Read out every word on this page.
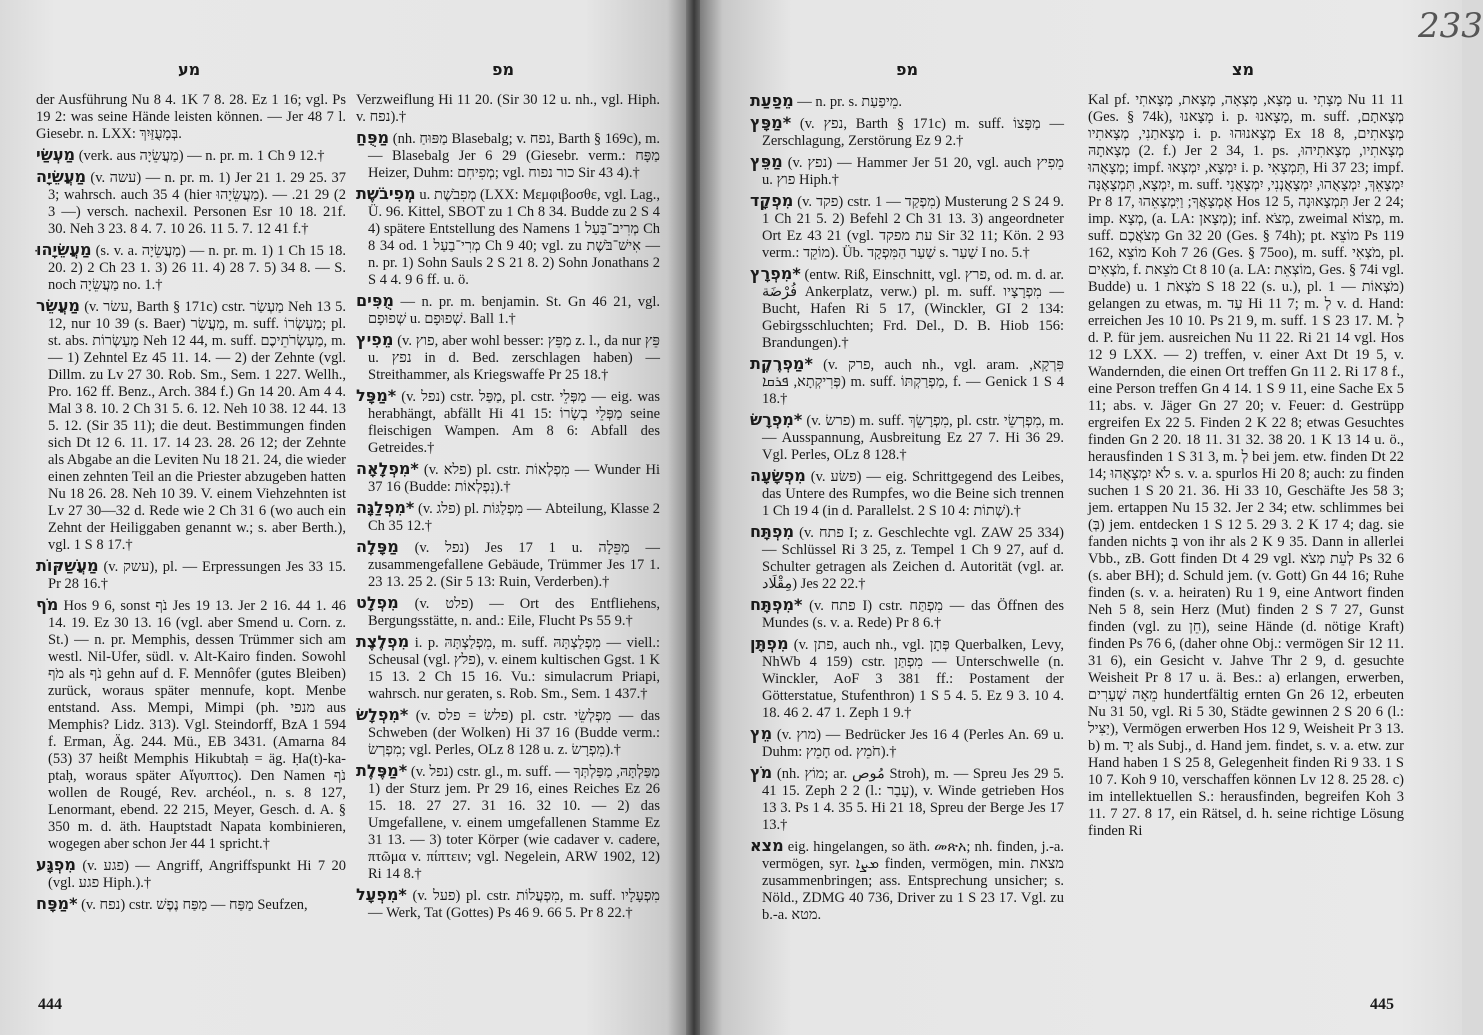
מע	מפ

der Ausführung Nu 8 4. 1K 7 8. 28. Ez 1 16; vgl. Ps 19 2: was seine Hände leisten können. — Jer 48 7 l. Giesebr. n. LXX: בְּמָעֻזַּיִךְ.

מַעְשַׂי (verk. aus מַעֲשֵׂיָה) — n. pr. m. 1 Ch 9 12.†

מַעֲשֵׂיָה (v. עשה) — n. pr. m. 1) Jer 21 1. 29 25. 37 3; wahrsch. auch 35 4 (hier מַעֲשֵׂיָהוּ). — 2) 29 21. — 3) versch. nachexil. Personen Esr 10 18. 21f. 30. Neh 3 23. 8 4. 7. 10 26. 11 5. 7. 12 41 f.†

מַעֲשֵׂיָהוּ (s. v. a. מַעֲשֵׂיָה) — n. pr. m. 1) 1 Ch 15 18. 20. 2) 2 Ch 23 1. 3) 26 11. 4) 28 7. 5) 34 8. — S. noch מַעֲשֵׂיָה no. 1.†

מַעֲשֵׂר (v. עשׂר, Barth § 171c) cstr. מַעְשַׂר Neh 13 5. 12, nur 10 39 (s. Baer) מַעֲשַׂר, m. suff. מַעְשְׂרוֹ; pl. st. abs. מַעַשְׂרוֹת Neh 12 44, m. suff. מַעְשְׂרֹתֵיכֶם, m. — 1) Zehntel Ez 45 11. 14. — 2) der Zehnte (vgl. Dillm. zu Lv 27 30. Rob. Sm., Sem. 1 227. Wellh., Pro. 162 ff. Benz., Arch. 384 f.) Gn 14 20. Am 4 4. Mal 3 8. 10. 2 Ch 31 5. 6. 12. Neh 10 38. 12 44. 13 5. 12. (Sir 35 11); die deut. Bestimmungen finden sich Dt 12 6. 11. 17. 14 23. 28. 26 12; der Zehnte als Abgabe an die Leviten Nu 18 21. 24, die wieder einen zehnten Teil an die Priester abzugeben hatten Nu 18 26. 28. Neh 10 39. V. einem Viehzehnten ist Lv 27 30—32 d. Rede wie 2 Ch 31 6 (wo auch ein Zehnt der Heiliggaben genannt w.; s. aber Berth.), vgl. 1 S 8 17.†

מַעֲשַׁקּוֹת (v. עשק), pl. — Erpressungen Jes 33 15. Pr 28 16.†

מֹף Hos 9 6, sonst נֹף Jes 19 13. Jer 2 16. 44 1. 46 14. 19. Ez 30 13. 16 (vgl. aber Smend u. Corn. z. St.) — n. pr. Memphis, dessen Trümmer sich am westl. Nil-Ufer, südl. v. Alt-Kairo finden. Sowohl מֹף als נֹף gehn auf d. F. Mennôfer (gutes Bleiben) zurück, woraus später mennufe, kopt. Menbe entstand. Ass. Mempi, Mimpi (ph. מנפי aus Memphis? Lidz. 313). Vgl. Steindorff, BzA 1 594 f. Erman, Äg. 244. Mü., EB 3431. (Amarna 84 (53) 37 heißt Memphis Hikubtaḥ = äg. Ḥa(t)-ka-ptaḥ, woraus später Αἴγυπτος). Den Namen נֹף wollen de Rougé, Rev. archéol., n. s. 8 127, Lenormant, ebend. 22 215, Meyer, Gesch. d. A. § 350 m. d. äth. Hauptstadt Napata kombinieren, wogegen aber schon Jer 44 1 spricht.†

מִפְגָּע (v. פגע) — Angriff, Angriffspunkt Hi 7 20 (vgl. פגע Hiph.).†

מַפָּח* (v. נפח) cstr. מַפַּח — מַפַּח נֶפֶשׁ Seufzen,

Verzweiflung Hi 11 20. (Sir 30 12 u. nh., vgl. Hiph. v. נפח).†

מַפֻּחַ (nh. מַפּוּחַ Blasebalg; v. נפח, Barth § 169c), m. — Blasebalg Jer 6 29 (Giesebr. verm.: מַפָּח Heizer, Duhm: מְפִיחִם; vgl. כור נפוח Sir 43 4).†

מְפִיבֹשֶׁת u. מְפִבֹשֶׁת (LXX: Μεμφιβοσθε, vgl. Lag., Ü. 96. Kittel, SBOT zu 1 Ch 8 34. Budde zu 2 S 4 4) spätere Entstellung des Namens מְרִיב־בַּעַל 1 Ch 8 34 od. מְרִי־בַעַל 1 Ch 9 40; vgl. zu אִישׁ־בֹּשֶׁת — n. pr. 1) Sohn Sauls 2 S 21 8. 2) Sohn Jonathans 2 S 4 4. 9 6 ff. u. ö.

מֻפִּים — n. pr. m. benjamin. St. Gn 46 21, vgl. שְׁפוּפָם u. שְׁפוּפָם. Ball 1.†

מֵפִיץ (v. פוץ, aber wohl besser: מַפֵּץ z. l., da nur פֵּץ u. נפץ in d. Bed. zerschlagen haben) — Streithammer, als Kriegswaffe Pr 25 18.†

מַפָּל* (v. נפל) cstr. מַפַּל, pl. cstr. מַפְּלֵי — eig. was herabhängt, abfällt Hi 41 15: מַפְּלֵי בְשָׂרוֹ seine fleischigen Wampen. Am 8 6: Abfall des Getreides.†

מִפְלָאָה* (v. פלא) pl. cstr. מִפְלְאוֹת — Wunder Hi 37 16 (Budde: נִפְלְאוֹת).†

מִפְלַגָּה* (v. פלג) pl. מִפְלַגּוֹת — Abteilung, Klasse 2 Ch 35 12.†

מַפָּלָה (v. נפל) Jes 17 1 u. מַפֵּלָה — zusammengefallene Gebäude, Trümmer Jes 17 1. 23 13. 25 2. (Sir 5 13: Ruin, Verderben).†

מִפְלָט (v. פלט) — Ort des Entfliehens, Bergungsstätte, n. and.: Eile, Flucht Ps 55 9.†

מִפְלֶצֶת i. p. מִפְלַצְתָּהּ, m. suff. מִפְלַצְתָּהּ — viell.: Scheusal (vgl. פלץ), v. einem kultischen Ggst. 1 K 15 13. 2 Ch 15 16. Vu.: simulacrum Priapi, wahrsch. nur geraten, s. Rob. Sm., Sem. 1 437.†

מִפְלָשׂ* (v. פלשׂ = פלס) pl. cstr. מִפְלְשֵׂי — das Schweben (der Wolken) Hi 37 16 (Budde verm.: מִפְרְשׂ; vgl. Perles, OLz 8 128 u. z. מִפְרָשׂ).†

מַפֶּלֶת* (v. נפל) cstr. gl., m. suff. מַפַּלְתָּהּ, מַפַּלְתְּךָ — 1) der Sturz jem. Pr 29 16, eines Reiches Ez 26 15. 18. 27 27. 31 16. 32 10. — 2) das Umgefallene, v. einem umgefallenen Stamme Ez 31 13. — 3) toter Körper (wie cadaver v. cadere, πτῶμα v. πίπτειν; vgl. Negelein, ARW 1902, 12) Ri 14 8.†

מִפְעָל* (v. פעל) pl. cstr. מִפְעֲלוֹת, m. suff. מִפְעָלָיו — Werk, Tat (Gottes) Ps 46 9. 66 5. Pr 8 22.†

444
מפ	מצ
445

מֵפַעַת — n. pr. s. מֵיפַעַת.

מַפָּץ* (v. נפץ, Barth § 171c) m. suff. מַפָּצוֹ — Zerschlagung, Zerstörung Ez 9 2.†

מַפֵּץ (v. נפץ) — Hammer Jer 51 20, vgl. auch מֵפִיץ u. פוץ Hiph.†

מִפְקָד (v. פקד) cstr. מִפְקַד — 1) Musterung 2 S 24 9. 1 Ch 21 5. 2) Befehl 2 Ch 31 13. 3) angeordneter Ort Ez 43 21 (vgl. עת מפקד Sir 32 11; Kön. 2 93 verm.: מוֹקֵד). Üb. שַׁעַר הַמִּפְקָד s. שַׁעַר I no. 5.†

מִפְרָץ* (entw. Riß, Einschnitt, vgl. פרץ, od. m. d. ar. فُرْضَة Ankerplatz, verw.) pl. m. suff. מִפְרָצָיו — Bucht, Hafen Ri 5 17, (Winckler, GI 2 134: Gebirgsschluchten; Frd. Del., D. B. Hiob 156: Brandungen).†

מַפְרֶקֶת* (v. פרק, auch nh., vgl. aram. פִּרְקָא, פְּרִיקְתָא, ܦܪܩܐ) m. suff. מַפְרַקְתּוֹ, f. — Genick 1 S 4 18.†

מִפְרָשׂ* (v. פרשׂ) m. suff. מִפְרָשֵׂךְ, pl. cstr. מִפְרְשֵׂי, m. — Ausspannung, Ausbreitung Ez 27 7. Hi 36 29. Vgl. Perles, OLz 8 128.†

מִפְשָׂעָה (v. פשׂע) — eig. Schrittgegend des Leibes, das Untere des Rumpfes, wo die Beine sich trennen 1 Ch 19 4 (in d. Parallelst. 2 S 10 4: שְׁתוֹת).†

מִפְתָּח (v. פתח I; z. Geschlechte vgl. ZAW 25 334) — Schlüssel Ri 3 25, z. Tempel 1 Ch 9 27, auf d. Schulter getragen als Zeichen d. Autorität (vgl. ar. مِقْلَاد) Jes 22 22.†

מִפְתָּח* (v. פתח I) cstr. מִפְתַּח — das Öffnen des Mundes (s. v. a. Rede) Pr 8 6.†

מִפְתָּן (v. פתן, auch nh., vgl. פְּתָן Querbalken, Levy, NhWb 4 159) cstr. מִפְתַּן — Unterschwelle (n. Winckler, AoF 3 381 ff.: Postament der Götterstatue, Stufenthron) 1 S 5 4. 5. Ez 9 3. 10 4. 18. 46 2. 47 1. Zeph 1 9.†

מֵץ (v. מוץ) — Bedrücker Jes 16 4 (Perles An. 69 u. Duhm: חָמֵץ od. חֹמֵץ).†

מֹץ (nh. מוֹץ; ar. مُوص Stroh), m. — Spreu Jes 29 5. 41 15. Zeph 2 2 (l.: עָבַר), v. Winde getrieben Hos 13 3. Ps 1 4. 35 5. Hi 21 18, Spreu der Berge Jes 17 13.†

מצא eig. hingelangen, so äth. መጽአ; nh. finden, j.-a. vermögen, syr. ܡܨܐ finden, vermögen, min. מצאת zusammenbringen; ass. Entsprechung unsicher; s. Nöld., ZDMG 40 736, Driver zu 1 S 23 17. Vgl. zu b.-a. מטא.

Kal pf. מָצָא, מָצְאָה, מָצָאת, מָצָאתִי u. מָצָתִי Nu 11 11 (Ges. § 74k), מָצָאנוּ i. p. מָצָאנוּ, m. suff. מְצָאתָם, מְצָאתַנִי, מְצָאתִיו i. p. מְצָאנוּהוּ Ex 18 8, מְצָאתִים, מְצָאתָהּ (2. f.) Jer 2 34, 1. ps. מְצָאתִיו, מְצָאתִיהוּ, מְצָאֻהוּ; impf. יִמְצָא, יִמְצְאוּ i. p. תִּמְצָאִי, Hi 37 23; impf. יִמְצָא, תִּמְצָאֶנָּה, m. suff. יִמְצָאֵךְ, יִמְצָאֻהוּ, יִמְצָאֻנְנִי, יִמְצָאֻנִי Pr 8 17, אֶמְצָאֲךָ; וַיִּמְצָאֵהוּ Hos 12 5, תִּמְצָאוּנָה Jer 2 24; imp. מְצָא, (a. LA: מְצָאן); inf. מְצֹא, zweimal מְצוֹא, m. suff. מְצֹאֲכֶם Gn 32 20 (Ges. § 74h); pt. מוֹצֵא Ps 119 162, מוֹצֵא Koh 7 26 (Ges. § 75oo), m. suff. מֹצְאִי, pl. מֹצְאִים, f. מֹצֵאת Ct 8 10 (a. LA: מוֹצְאֵת, Ges. § 74i vgl. Budde) u. מֹצְאֹת 1 S 18 22 (s. u.), pl. מֹצְאוֹת — 1) gelangen zu etwas, m. עַד Hi 11 7; m. לְ v. d. Hand: erreichen Jes 10 10. Ps 21 9, m. suff. 1 S 23 17. M. לְ d. P. für jem. ausreichen Nu 11 22. Ri 21 14 vgl. Hos 12 9 LXX. — 2) treffen, v. einer Axt Dt 19 5, v. Wandernden, die einen Ort treffen Gn 11 2. Ri 17 8 f., eine Person treffen Gn 4 14. 1 S 9 11, eine Sache Ex 5 11; abs. v. Jäger Gn 27 20; v. Feuer: d. Gestrüpp ergreifen Ex 22 5. Finden 2 K 22 8; etwas Gesuchtes finden Gn 2 20. 18 11. 31 32. 38 20. 1 K 13 14 u. ö., herausfinden 1 S 31 3, m. לְ bei jem. etw. finden Dt 22 14; לֹא יִמְצָאֻהוּ s. v. a. spurlos Hi 20 8; auch: zu finden suchen 1 S 20 21. 36. Hi 33 10, Geschäfte Jes 58 3; jem. ertappen Nu 15 32. Jer 2 34; etw. schlimmes bei (בְּ) jem. entdecken 1 S 12 5. 29 3. 2 K 17 4; dag. sie fanden nichts בְּ von ihr als 2 K 9 35. Dann in allerlei Vbb., zB. Gott finden Dt 4 29 vgl. לְעֵת מְצֹא Ps 32 6 (s. aber BH); d. Schuld jem. (v. Gott) Gn 44 16; Ruhe finden (s. v. a. heiraten) Ru 1 9, eine Antwort finden Neh 5 8, sein Herz (Mut) finden 2 S 7 27, Gunst finden (vgl. zu חֵן), seine Hände (d. nötige Kraft) finden Ps 76 6, (daher ohne Obj.: vermögen Sir 12 11. 31 6), ein Gesicht v. Jahve Thr 2 9, d. gesuchte Weisheit Pr 8 17 u. ä. Bes.: a) erlangen, erwerben, מֵאָה שְׁעָרִים hundertfältig ernten Gn 26 12, erbeuten Nu 31 50, vgl. Ri 5 30, Städte gewinnen 2 S 20 6 (l.: יַצִּיל), Vermögen erwerben Hos 12 9, Weisheit Pr 3 13. b) m. יָד als Subj., d. Hand jem. findet, s. v. a. etw. zur Hand haben 1 S 25 8, Gelegenheit finden Ri 9 33. 1 S 10 7. Koh 9 10, verschaffen können Lv 12 8. 25 28. c) im intellektuellen S.: herausfinden, begreifen Koh 3 11. 7 27. 8 17, ein Rätsel, d. h. seine richtige Lösung finden Ri

233
